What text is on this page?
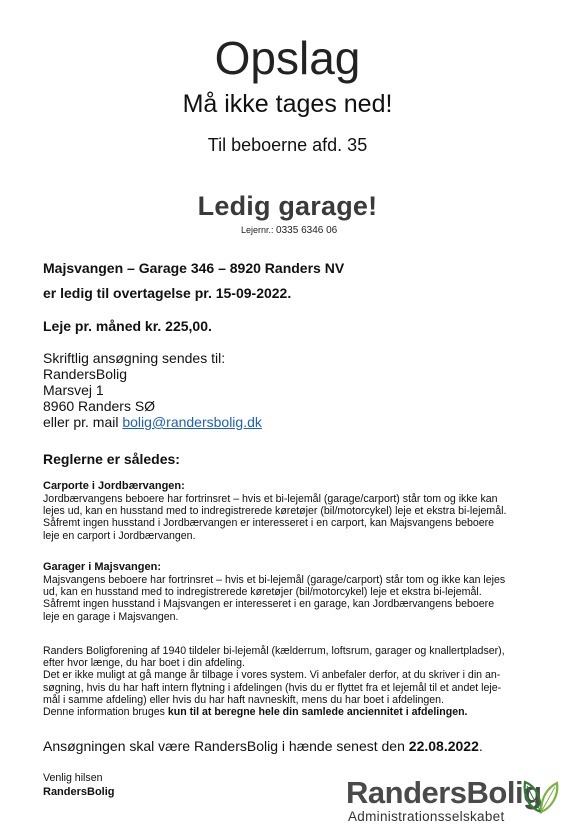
Opslag
Må ikke tages ned!
Til beboerne afd. 35
Ledig garage!
Lejernr.: 0335 6346 06
Majsvangen – Garage 346 – 8920 Randers NV
er ledig til overtagelse pr. 15-09-2022.
Leje pr. måned kr. 225,00.
Skriftlig ansøgning sendes til:
RandersBolig
Marsvej 1
8960 Randers SØ
eller pr. mail bolig@randersbolig.dk
Reglerne er således:
Carporte i Jordbærvangen:
Jordbærvangens beboere har fortrinsret – hvis et bi-lejemål (garage/carport) står tom og ikke kan
lejes ud, kan en husstand med to indregistrerede køretøjer (bil/motorcykel) leje et ekstra bi-lejemål.
Såfremt ingen husstand i Jordbærvangen er interesseret i en carport, kan Majsvangens beboere
leje en carport i Jordbærvangen.
Garager i Majsvangen:
Majsvangens beboere har fortrinsret – hvis et bi-lejemål (garage/carport) står tom og ikke kan lejes
ud, kan en husstand med to indregistrerede køretøjer (bil/motorcykel) leje et ekstra bi-lejemål.
Såfremt ingen husstand i Majsvangen er interesseret i en garage, kan Jordbærvangens beboere
leje en garage i Majsvangen.
Randers Boligforening af 1940 tildeler bi-lejemål (kælderrum, loftsrum, garager og knallertpladser),
efter hvor længe, du har boet i din afdeling.
Det er ikke muligt at gå mange år tilbage i vores system. Vi anbefaler derfor, at du skriver i din an-
søgning, hvis du har haft intern flytning i afdelingen (hvis du er flyttet fra et lejemål til et andet leje-
mål i samme afdeling) eller hvis du har haft navneskift, mens du har boet i afdelingen.
Denne information bruges kun til at beregne hele din samlede anciennitet i afdelingen.
Ansøgningen skal være RandersBolig i hænde senest den 22.08.2022.
Venlig hilsen
RandersBolig	RandersBolig
Administrationsselskabet
